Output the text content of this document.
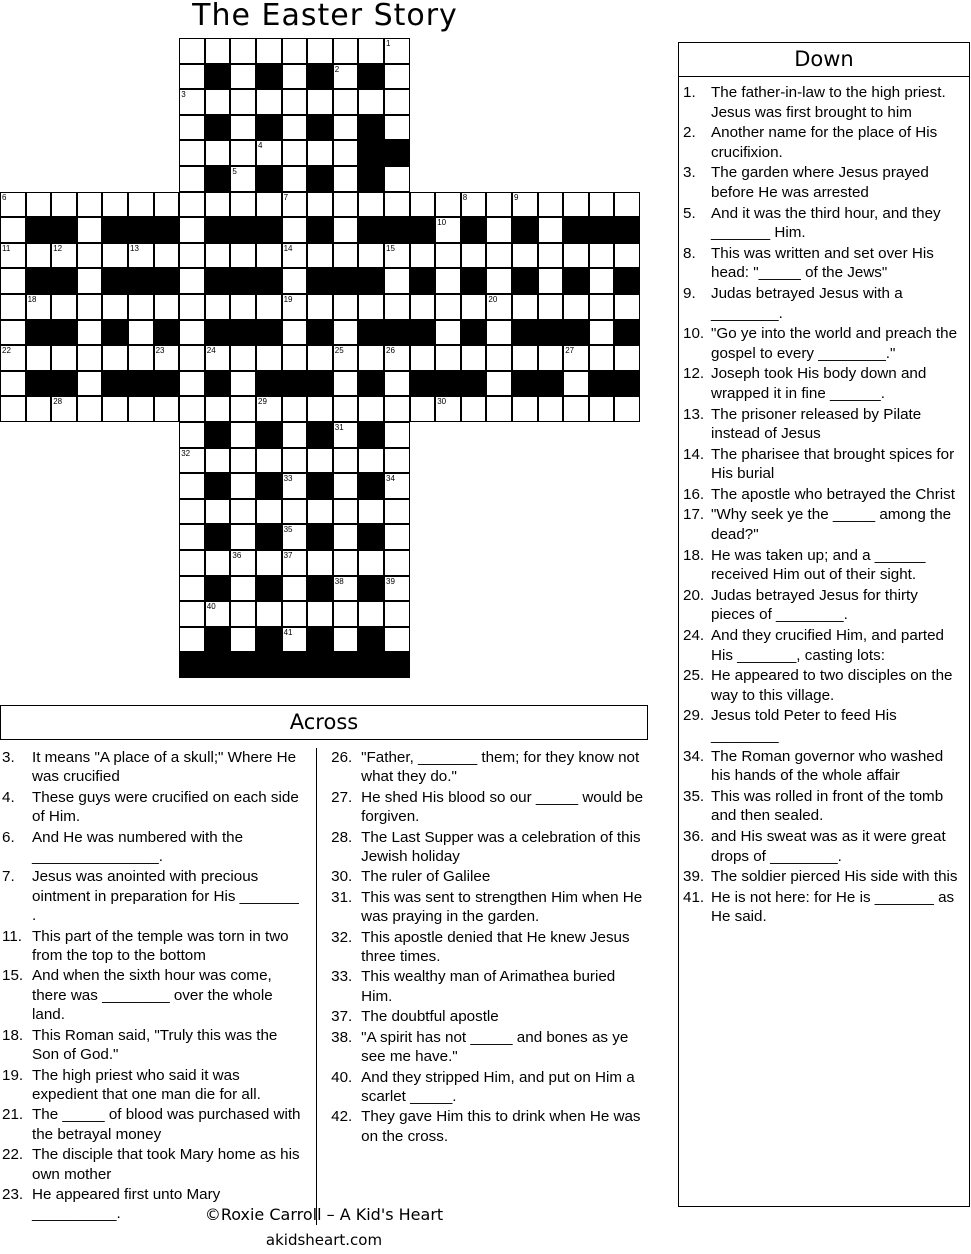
The Easter Story
1
2
3
4
5
6	7	8	9
10
11	12	13	14	15
16	17
18	19	20
21
22	23	24	25	26	27
28	29	30
31
32
33	34
35
36	37
38	39
40
41
42
Across
3.	It means "A place of a skull;" Where He was crucified
4.	These guys were crucified on each side of Him.
6.	And He was numbered with the _______________.
7.	Jesus was anointed with precious ointment in preparation for His _______ .
11. This part of the temple was torn in two from the top to the bottom
15. And when the sixth hour was come, there was ________ over the whole land.
18. This Roman said, "Truly this was the Son of God."
19. The high priest who said it was expedient that one man die for all.
21. The _____ of blood was purchased with the betrayal money
22. The disciple that took Mary home as his own mother
23. He appeared first unto Mary __________.
26. "Father, _______ them; for they know not what they do."
27. He shed His blood so our _____ would be forgiven.
28. The Last Supper was a celebration of this Jewish holiday
30. The ruler of Galilee
31. This was sent to strengthen Him when He was praying in the garden.
32. This apostle denied that He knew Jesus three times.
33. This wealthy man of Arimathea buried Him.
37. The doubtful apostle
38. "A spirit has not _____ and bones as ye see me have."
40. And they stripped Him, and put on Him a scarlet _____.
42. They gave Him this to drink when He was on the cross.
Down
1.	The father-in-law to the high priest. Jesus was first brought to him
2.	Another name for the place of His crucifixion.
3.	The garden where Jesus prayed before He was arrested
5.	And it was the third hour, and they _______ Him.
8.	This was written and set over His head: "_____ of the Jews"
9.	Judas betrayed Jesus with a ________.
10. "Go ye into the world and preach the gospel to every ________."
12. Joseph took His body down and wrapped it in fine ______.
13. The prisoner released by Pilate instead of Jesus
14. The pharisee that brought spices for His burial
16. The apostle who betrayed the Christ
17. "Why seek ye the _____ among the dead?"
18. He was taken up; and a ______ received Him out of their sight.
20. Judas betrayed Jesus for thirty pieces of ________.
24. And they crucified Him, and parted His _______, casting lots:
25. He appeared to two disciples on the way to this village.
29. Jesus told Peter to feed His ________
34. The Roman governor who washed his hands of the whole affair
35. This was rolled in front of the tomb and then sealed.
36. and His sweat was as it were great drops of ________.
39. The soldier pierced His side with this
41. He is not here: for He is _______ as He said.
©Roxie Carroll – A Kid's Heart
akidsheart.com
